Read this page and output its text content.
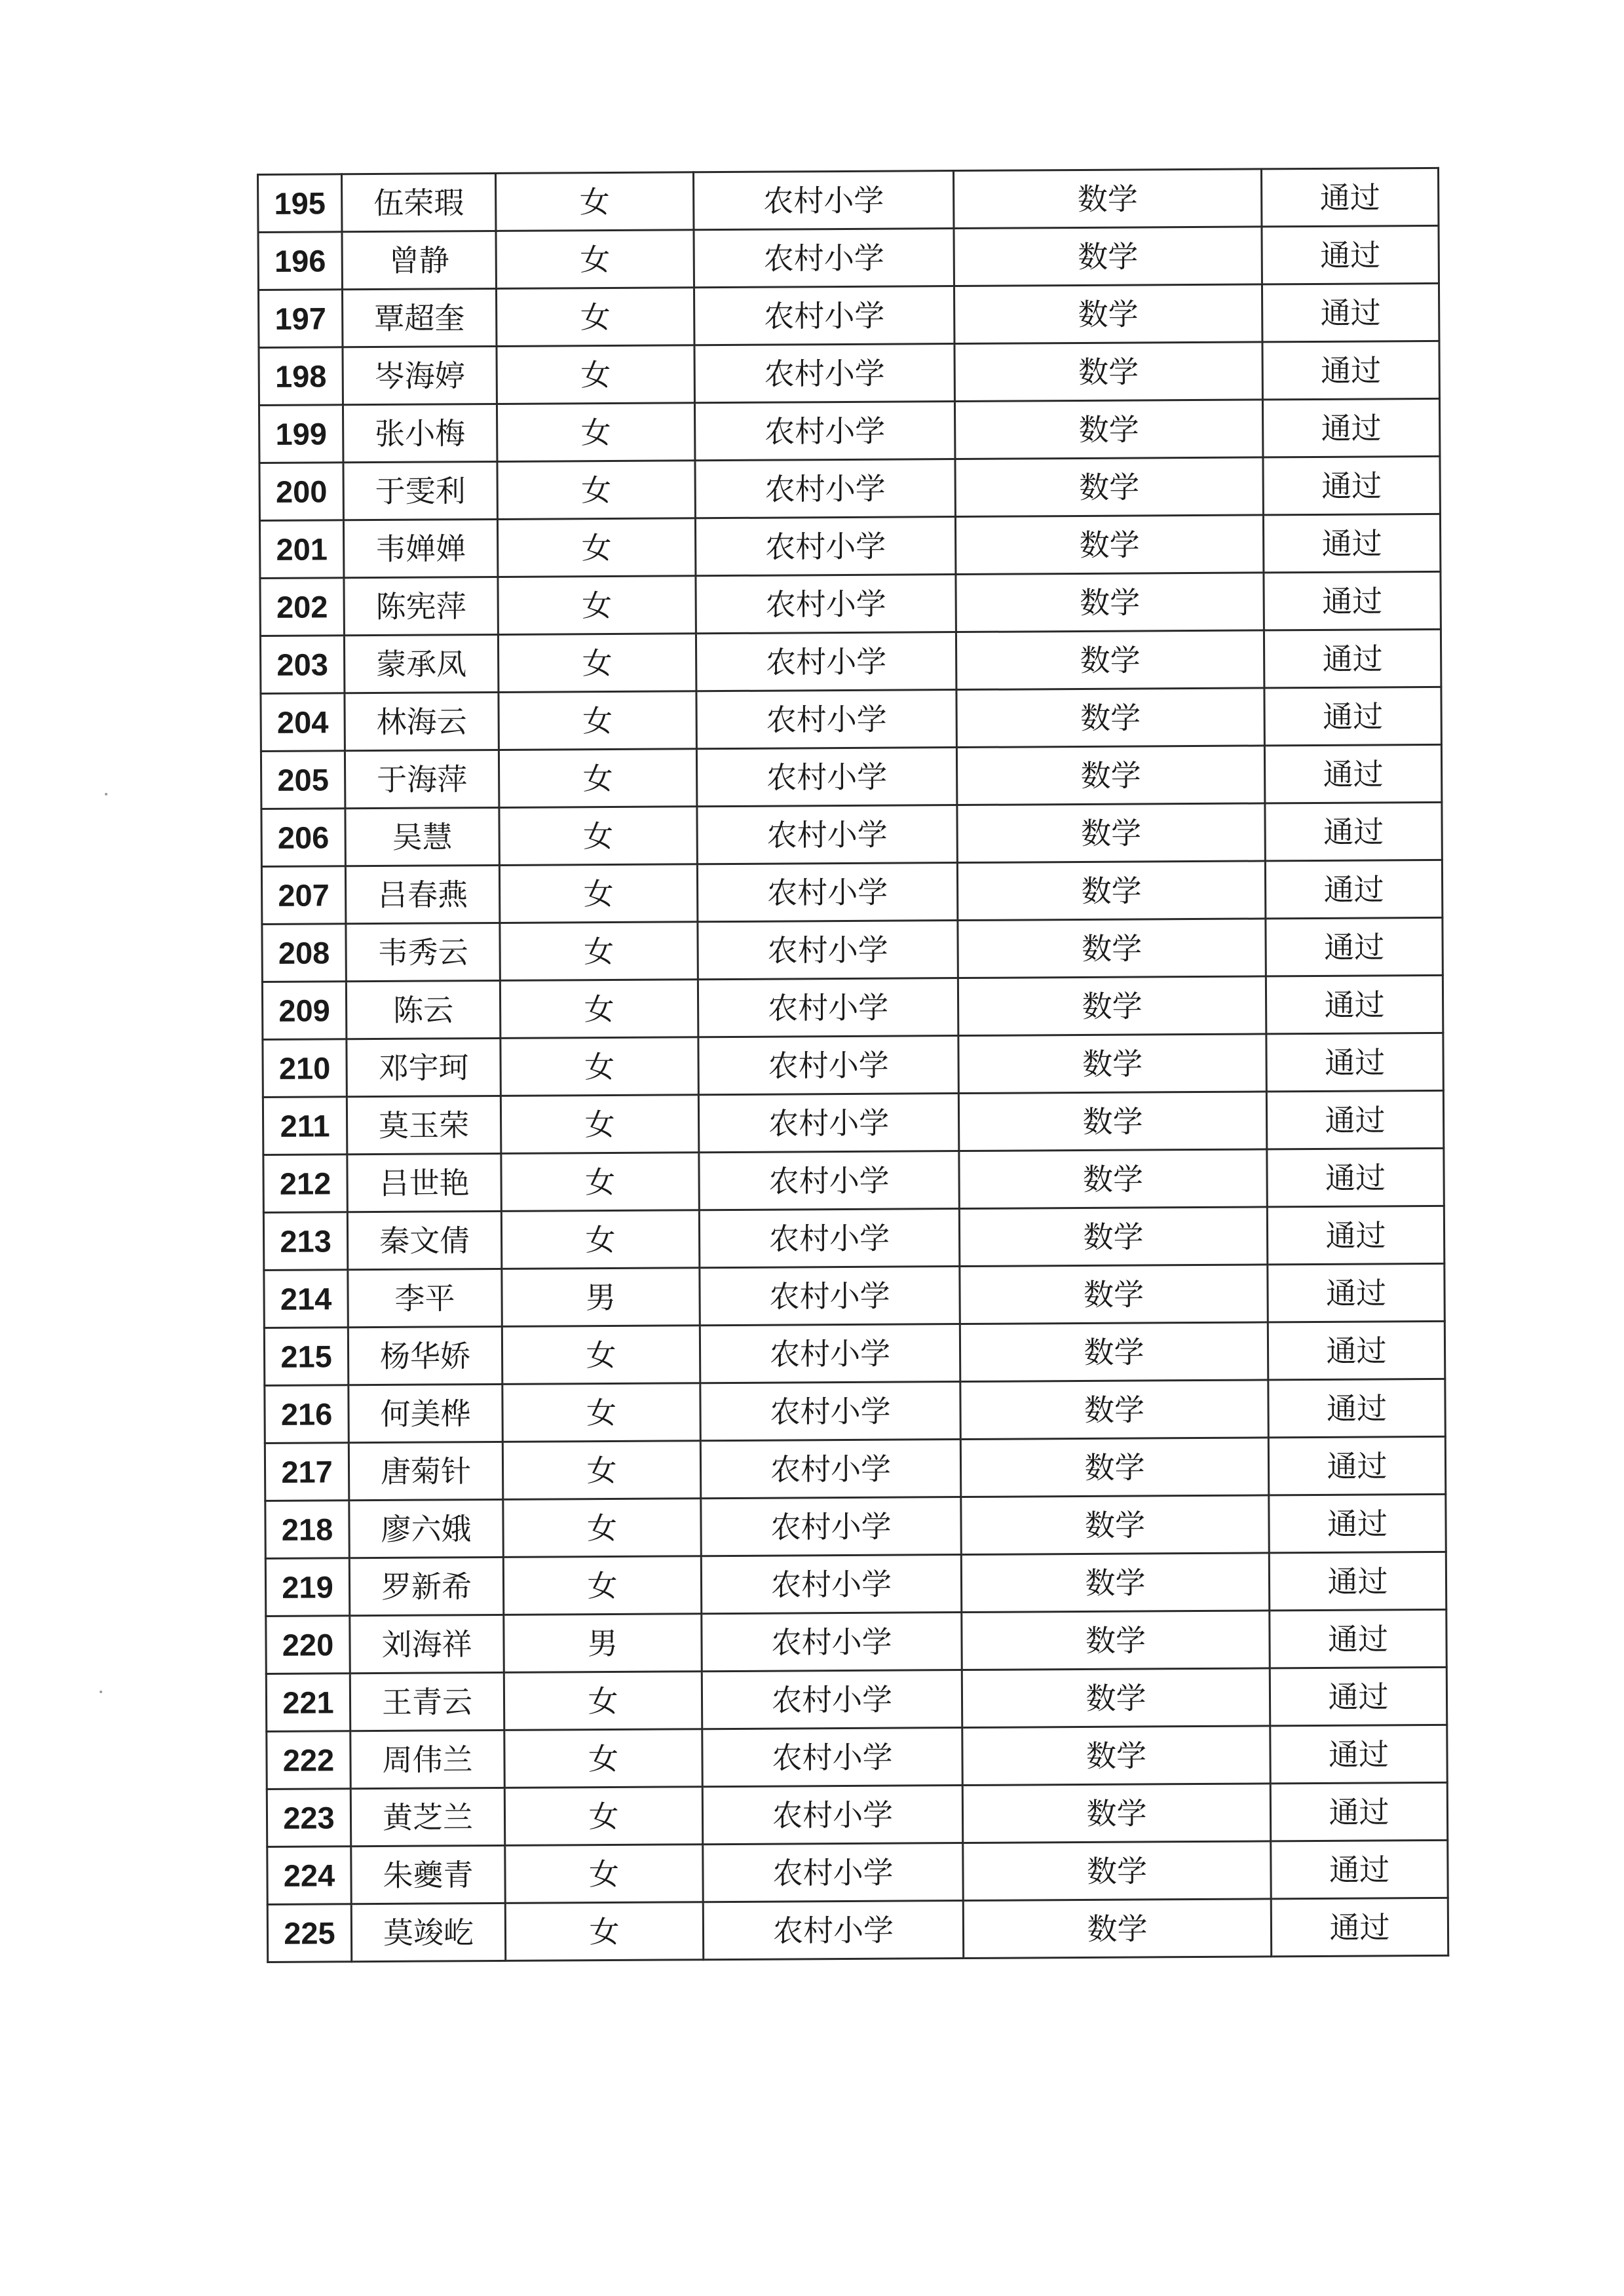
195	伍荣瑕	女	农村小学	数学	通过
196	曾静	女	农村小学	数学	通过
197	覃超奎	女	农村小学	数学	通过
198	岑海婷	女	农村小学	数学	通过
199	张小梅	女	农村小学	数学	通过
200	于雯利	女	农村小学	数学	通过
201	韦婵婵	女	农村小学	数学	通过
202	陈宪萍	女	农村小学	数学	通过
203	蒙承凤	女	农村小学	数学	通过
204	林海云	女	农村小学	数学	通过
205	于海萍	女	农村小学	数学	通过
206	吴慧	女	农村小学	数学	通过
207	吕春燕	女	农村小学	数学	通过
208	韦秀云	女	农村小学	数学	通过
209	陈云	女	农村小学	数学	通过
210	邓宇珂	女	农村小学	数学	通过
211	莫玉荣	女	农村小学	数学	通过
212	吕世艳	女	农村小学	数学	通过
213	秦文倩	女	农村小学	数学	通过
214	李平	男	农村小学	数学	通过
215	杨华娇	女	农村小学	数学	通过
216	何美桦	女	农村小学	数学	通过
217	唐菊针	女	农村小学	数学	通过
218	廖六娥	女	农村小学	数学	通过
219	罗新希	女	农村小学	数学	通过
220	刘海祥	男	农村小学	数学	通过
221	王青云	女	农村小学	数学	通过
222	周伟兰	女	农村小学	数学	通过
223	黄芝兰	女	农村小学	数学	通过
224	朱夔青	女	农村小学	数学	通过
225	莫竣屹	女	农村小学	数学	通过
